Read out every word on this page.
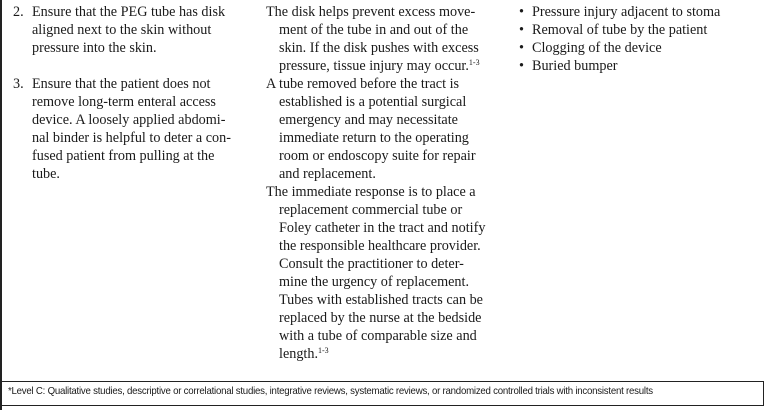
2. Ensure that the PEG tube has disk
aligned next to the skin without
pressure into the skin.
3. Ensure that the patient does not
remove long-term enteral access
device. A loosely applied abdomi-
nal binder is helpful to deter a con-
fused patient from pulling at the
tube.
The disk helps prevent excess move-
ment of the tube in and out of the
skin. If the disk pushes with excess
pressure, tissue injury may occur.$^{1-3}$
A tube removed before the tract is
established is a potential surgical
emergency and may necessitate
immediate return to the operating
room or endoscopy suite for repair
and replacement.
The immediate response is to place a
replacement commercial tube or
Foley catheter in the tract and notify
the responsible healthcare provider.
Consult the practitioner to deter-
mine the urgency of replacement.
Tubes with established tracts can be
replaced by the nurse at the bedside
with a tube of comparable size and
length.$^{1-3}$
• Pressure injury adjacent to stoma
• Removal of tube by the patient
• Clogging of the device
• Buried bumper
*Level C: Qualitative studies, descriptive or correlational studies, integrative reviews, systematic reviews, or randomized controlled trials with inconsistent results
